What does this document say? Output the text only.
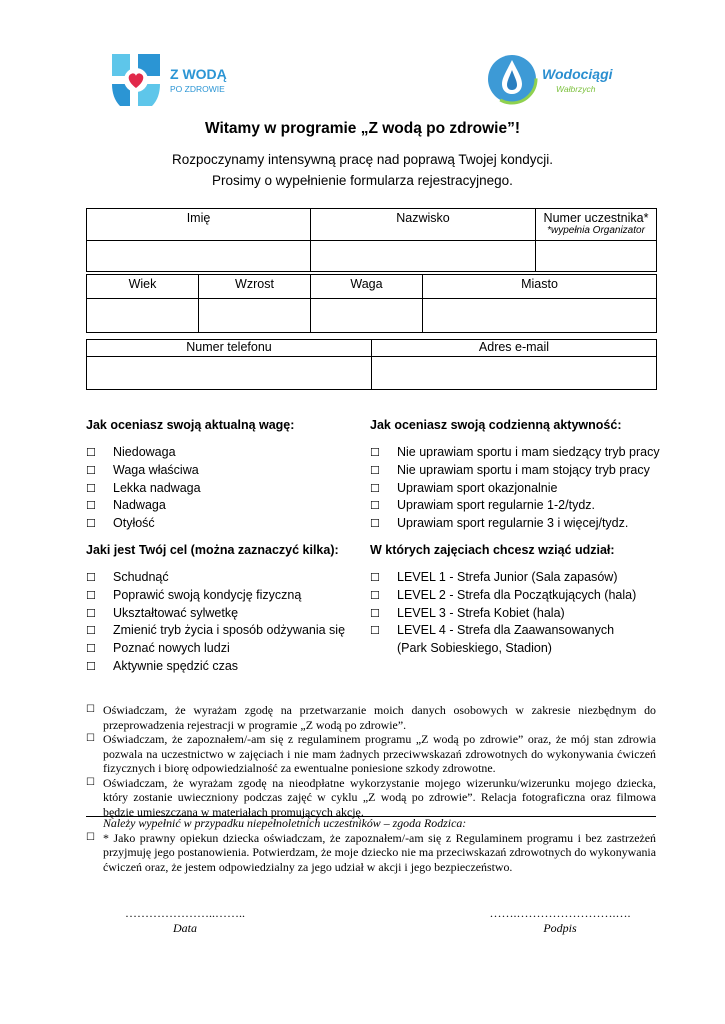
Z WODĄ
PO ZDROWIE
Wodociągi
Wałbrzych
Witamy w programie „Z wodą po zdrowie”!
Rozpoczynamy intensywną pracę nad poprawą Twojej kondycji.
Prosimy o wypełnienie formularza rejestracyjnego.
Imię	Nazwisko	Numer uczestnika*
*wypełnia Organizator

Wiek	Wzrost	Waga	Miasto

Numer telefonu	Adres e-mail

Jak oceniasz swoją aktualną wagę:
☐	Niedowaga
☐	Waga właściwa
☐	Lekka nadwaga
☐	Nadwaga
☐	Otyłość
Jaki jest Twój cel (można zaznaczyć kilka):
☐	Schudnąć
☐	Poprawić swoją kondycję fizyczną
☐	Ukształtować sylwetkę
☐	Zmienić tryb życia i sposób odżywania się
☐	Poznać nowych ludzi
☐	Aktywnie spędzić czas
Jak oceniasz swoją codzienną aktywność:
☐	Nie uprawiam sportu i mam siedzący tryb pracy
☐	Nie uprawiam sportu i mam stojący tryb pracy
☐	Uprawiam sport okazjonalnie
☐	Uprawiam sport regularnie 1-2/tydz.
☐	Uprawiam sport regularnie 3 i więcej/tydz.
W których zajęciach chcesz wziąć udział:
☐	LEVEL 1 - Strefa Junior (Sala zapasów)
☐	LEVEL 2 - Strefa dla Początkujących (hala)
☐	LEVEL 3 - Strefa Kobiet (hala)
☐	LEVEL 4 - Strefa dla Zaawansowanych (Park Sobieskiego, Stadion)
☐ Oświadczam, że wyrażam zgodę na przetwarzanie moich danych osobowych w zakresie niezbędnym do przeprowadzenia rejestracji w programie „Z wodą po zdrowie”.
☐ Oświadczam, że zapoznałem/-am się z regulaminem programu „Z wodą po zdrowie” oraz, że mój stan zdrowia pozwala na uczestnictwo w zajęciach i nie mam żadnych przeciwwskazań zdrowotnych do wykonywania ćwiczeń fizycznych i biorę odpowiedzialność za ewentualne poniesione szkody zdrowotne.
☐ Oświadczam, że wyrażam zgodę na nieodpłatne wykorzystanie mojego wizerunku/wizerunku mojego dziecka, który zostanie uwieczniony podczas zajęć w cyklu „Z wodą po zdrowie”. Relacja fotograficzna oraz filmowa będzie umieszczana w materiałach promujących akcję.
Należy wypełnić w przypadku niepełnoletnich uczestników – zgoda Rodzica:
☐ * Jako prawny opiekun dziecka oświadczam, że zapoznałem/-am się z Regulaminem programu i bez zastrzeżeń przyjmuję jego postanowienia. Potwierdzam, że moje dziecko nie ma przeciwskazań zdrowotnych do wykonywania ćwiczeń oraz, że jestem odpowiedzialny za jego udział w akcji i jego bezpieczeństwo.
…………………..……..
Data
…….…………………….….
Podpis
